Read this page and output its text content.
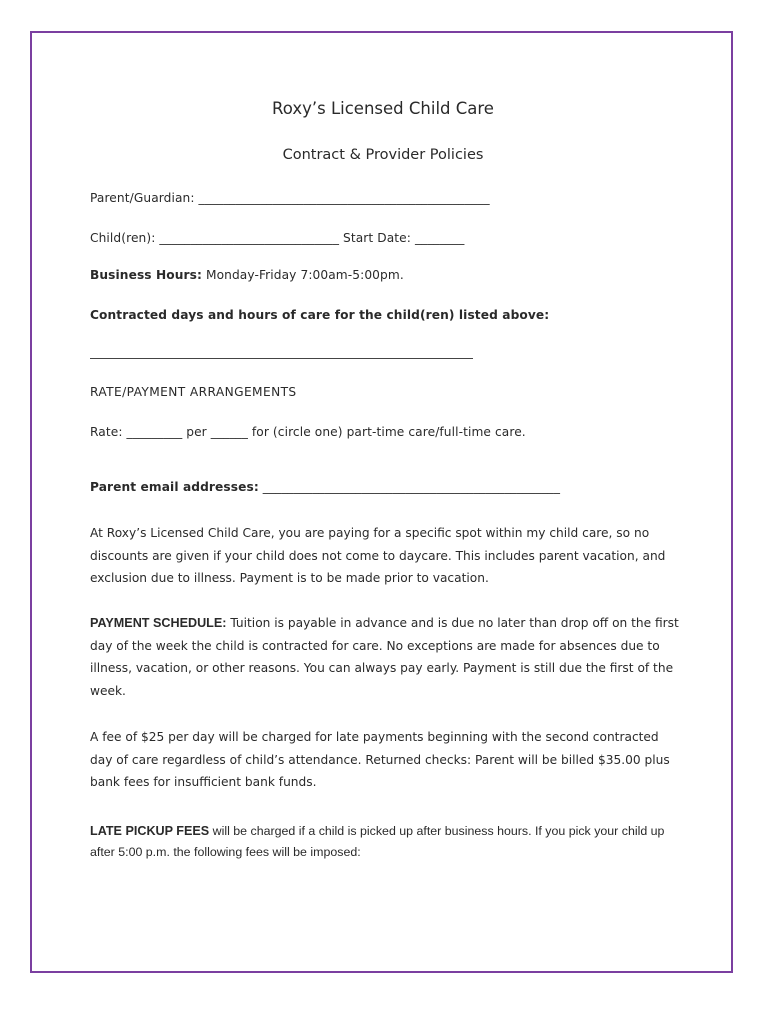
Roxy’s Licensed Child Care
Contract & Provider Policies
Parent/Guardian: _______________________________________________
Child(ren): _____________________________ Start Date: ________
Business Hours: Monday-Friday 7:00am-5:00pm.
Contracted days and hours of care for the child(ren) listed above:
RATE/PAYMENT ARRANGEMENTS
Rate: _________ per ______ for (circle one) part-time care/full-time care.
Parent email addresses: ________________________________________________
At Roxy’s Licensed Child Care, you are paying for a specific spot within my child care, so no discounts are given if your child does not come to daycare. This includes parent vacation, and exclusion due to illness. Payment is to be made prior to vacation.
PAYMENT SCHEDULE: Tuition is payable in advance and is due no later than drop off on the first day of the week the child is contracted for care. No exceptions are made for absences due to illness, vacation, or other reasons. You can always pay early. Payment is still due the first of the week.
A fee of $25 per day will be charged for late payments beginning with the second contracted day of care regardless of child’s attendance. Returned checks: Parent will be billed $35.00 plus bank fees for insufficient bank funds.
LATE PICKUP FEES will be charged if a child is picked up after business hours. If you pick your child up after 5:00 p.m. the following fees will be imposed:
